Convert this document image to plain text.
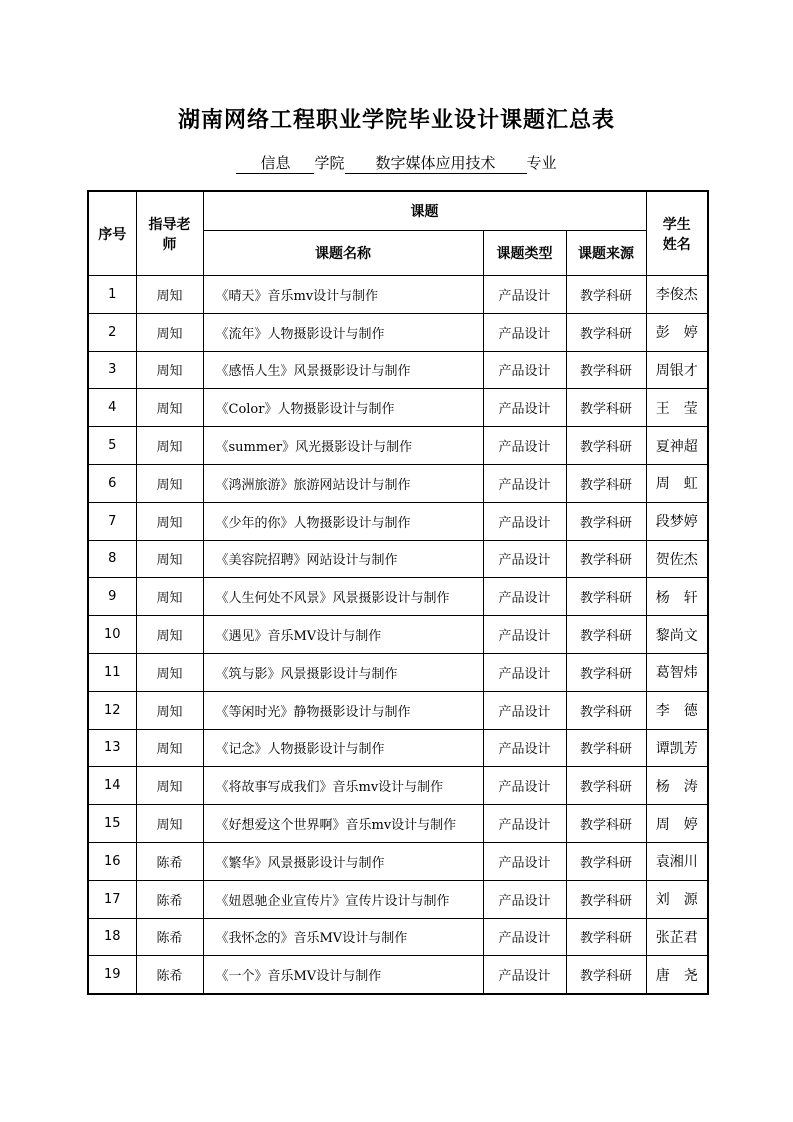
湖南网络工程职业学院毕业设计课题汇总表
信息 学院 数字媒体应用技术 专业
序号	指导老师	课题			学生姓名
		课题名称	课题类型	课题来源	
1	周知	《晴天》音乐mv设计与制作	产品设计	教学科研	李俊杰
2	周知	《流年》人物摄影设计与制作	产品设计	教学科研	彭　婷
3	周知	《感悟人生》风景摄影设计与制作	产品设计	教学科研	周银才
4	周知	《Color》人物摄影设计与制作	产品设计	教学科研	王　莹
5	周知	《summer》风光摄影设计与制作	产品设计	教学科研	夏神超
6	周知	《鸿洲旅游》旅游网站设计与制作	产品设计	教学科研	周　虹
7	周知	《少年的你》人物摄影设计与制作	产品设计	教学科研	段梦婷
8	周知	《美容院招聘》网站设计与制作	产品设计	教学科研	贺佐杰
9	周知	《人生何处不风景》风景摄影设计与制作	产品设计	教学科研	杨　轩
10	周知	《遇见》音乐MV设计与制作	产品设计	教学科研	黎尚文
11	周知	《筑与影》风景摄影设计与制作	产品设计	教学科研	葛智炜
12	周知	《等闲时光》静物摄影设计与制作	产品设计	教学科研	李　德
13	周知	《记念》人物摄影设计与制作	产品设计	教学科研	谭凯芳
14	周知	《将故事写成我们》音乐mv设计与制作	产品设计	教学科研	杨　涛
15	周知	《好想爱这个世界啊》音乐mv设计与制作	产品设计	教学科研	周　婷
16	陈希	《繁华》风景摄影设计与制作	产品设计	教学科研	袁湘川
17	陈希	《妞恩驰企业宣传片》宣传片设计与制作	产品设计	教学科研	刘　源
18	陈希	《我怀念的》音乐MV设计与制作	产品设计	教学科研	张芷君
19	陈希	《一个》音乐MV设计与制作	产品设计	教学科研	唐　尧
